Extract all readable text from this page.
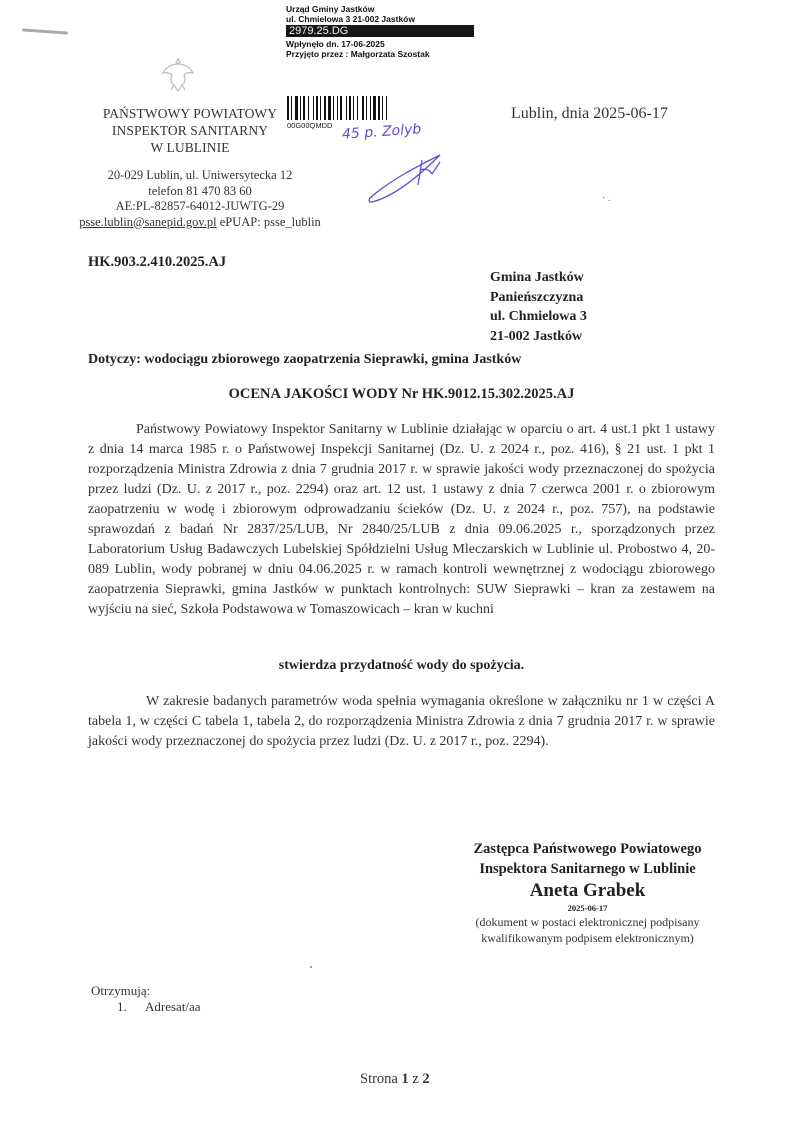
PAŃSTWOWY POWIATOWY
INSPEKTOR SANITARNY
W LUBLINIE
20-029 Lublin, ul. Uniwersytecka 12
telefon 81 470 83 60
AE:PL-82857-64012-JUWTG-29
psse.lublin@sanepid.gov.pl ePUAP: psse_lublin
Urząd Gminy Jastków
ul. Chmielowa 3 21-002 Jastków
2979.25.DG
Wpłynęło dn. 17-06-2025
Przyjęto przez : Małgorzata Szostak
00G00QMDD 45 p. Zolyb
Lublin, dnia 2025-06-17
· .
HK.903.2.410.2025.AJ
Gmina Jastków
Panieńszczyzna
ul. Chmielowa 3
21-002 Jastków
Dotyczy: wodociągu zbiorowego zaopatrzenia Sieprawki, gmina Jastków
OCENA JAKOŚCI WODY Nr HK.9012.15.302.2025.AJ
Państwowy Powiatowy Inspektor Sanitarny w Lublinie działając w oparciu o art. 4 ust.1 pkt 1 ustawy z dnia 14 marca 1985 r. o Państwowej Inspekcji Sanitarnej (Dz. U. z 2024 r., poz. 416), § 21 ust. 1 pkt 1 rozporządzenia Ministra Zdrowia z dnia 7 grudnia 2017 r. w sprawie jakości wody przeznaczonej do spożycia przez ludzi (Dz. U. z 2017 r., poz. 2294) oraz art. 12 ust. 1 ustawy z dnia 7 czerwca 2001 r. o zbiorowym zaopatrzeniu w wodę i zbiorowym odprowadzaniu ścieków (Dz. U. z 2024 r., poz. 757), na podstawie sprawozdań z badań Nr 2837/25/LUB, Nr 2840/25/LUB z dnia 09.06.2025 r., sporządzonych przez Laboratorium Usług Badawczych Lubelskiej Spółdzielni Usług Mleczarskich w Lublinie ul. Probostwo 4, 20-089 Lublin, wody pobranej w dniu 04.06.2025 r. w ramach kontroli wewnętrznej z wodociągu zbiorowego zaopatrzenia Sieprawki, gmina Jastków w punktach kontrolnych: SUW Sieprawki – kran za zestawem na wyjściu na sieć, Szkoła Podstawowa w Tomaszowicach – kran w kuchni
stwierdza przydatność wody do spożycia.
W zakresie badanych parametrów woda spełnia wymagania określone w załączniku nr 1 w części A tabela 1, w części C tabela 1, tabela 2, do rozporządzenia Ministra Zdrowia z dnia 7 grudnia 2017 r. w sprawie jakości wody przeznaczonej do spożycia przez ludzi (Dz. U. z 2017 r., poz. 2294).
Zastępca Państwowego Powiatowego
Inspektora Sanitarnego w Lublinie
Aneta Grabek
2025-06-17
(dokument w postaci elektronicznej podpisany
kwalifikowanym podpisem elektronicznym)
Otrzymują:
1. Adresat/aa
Strona 1 z 2
